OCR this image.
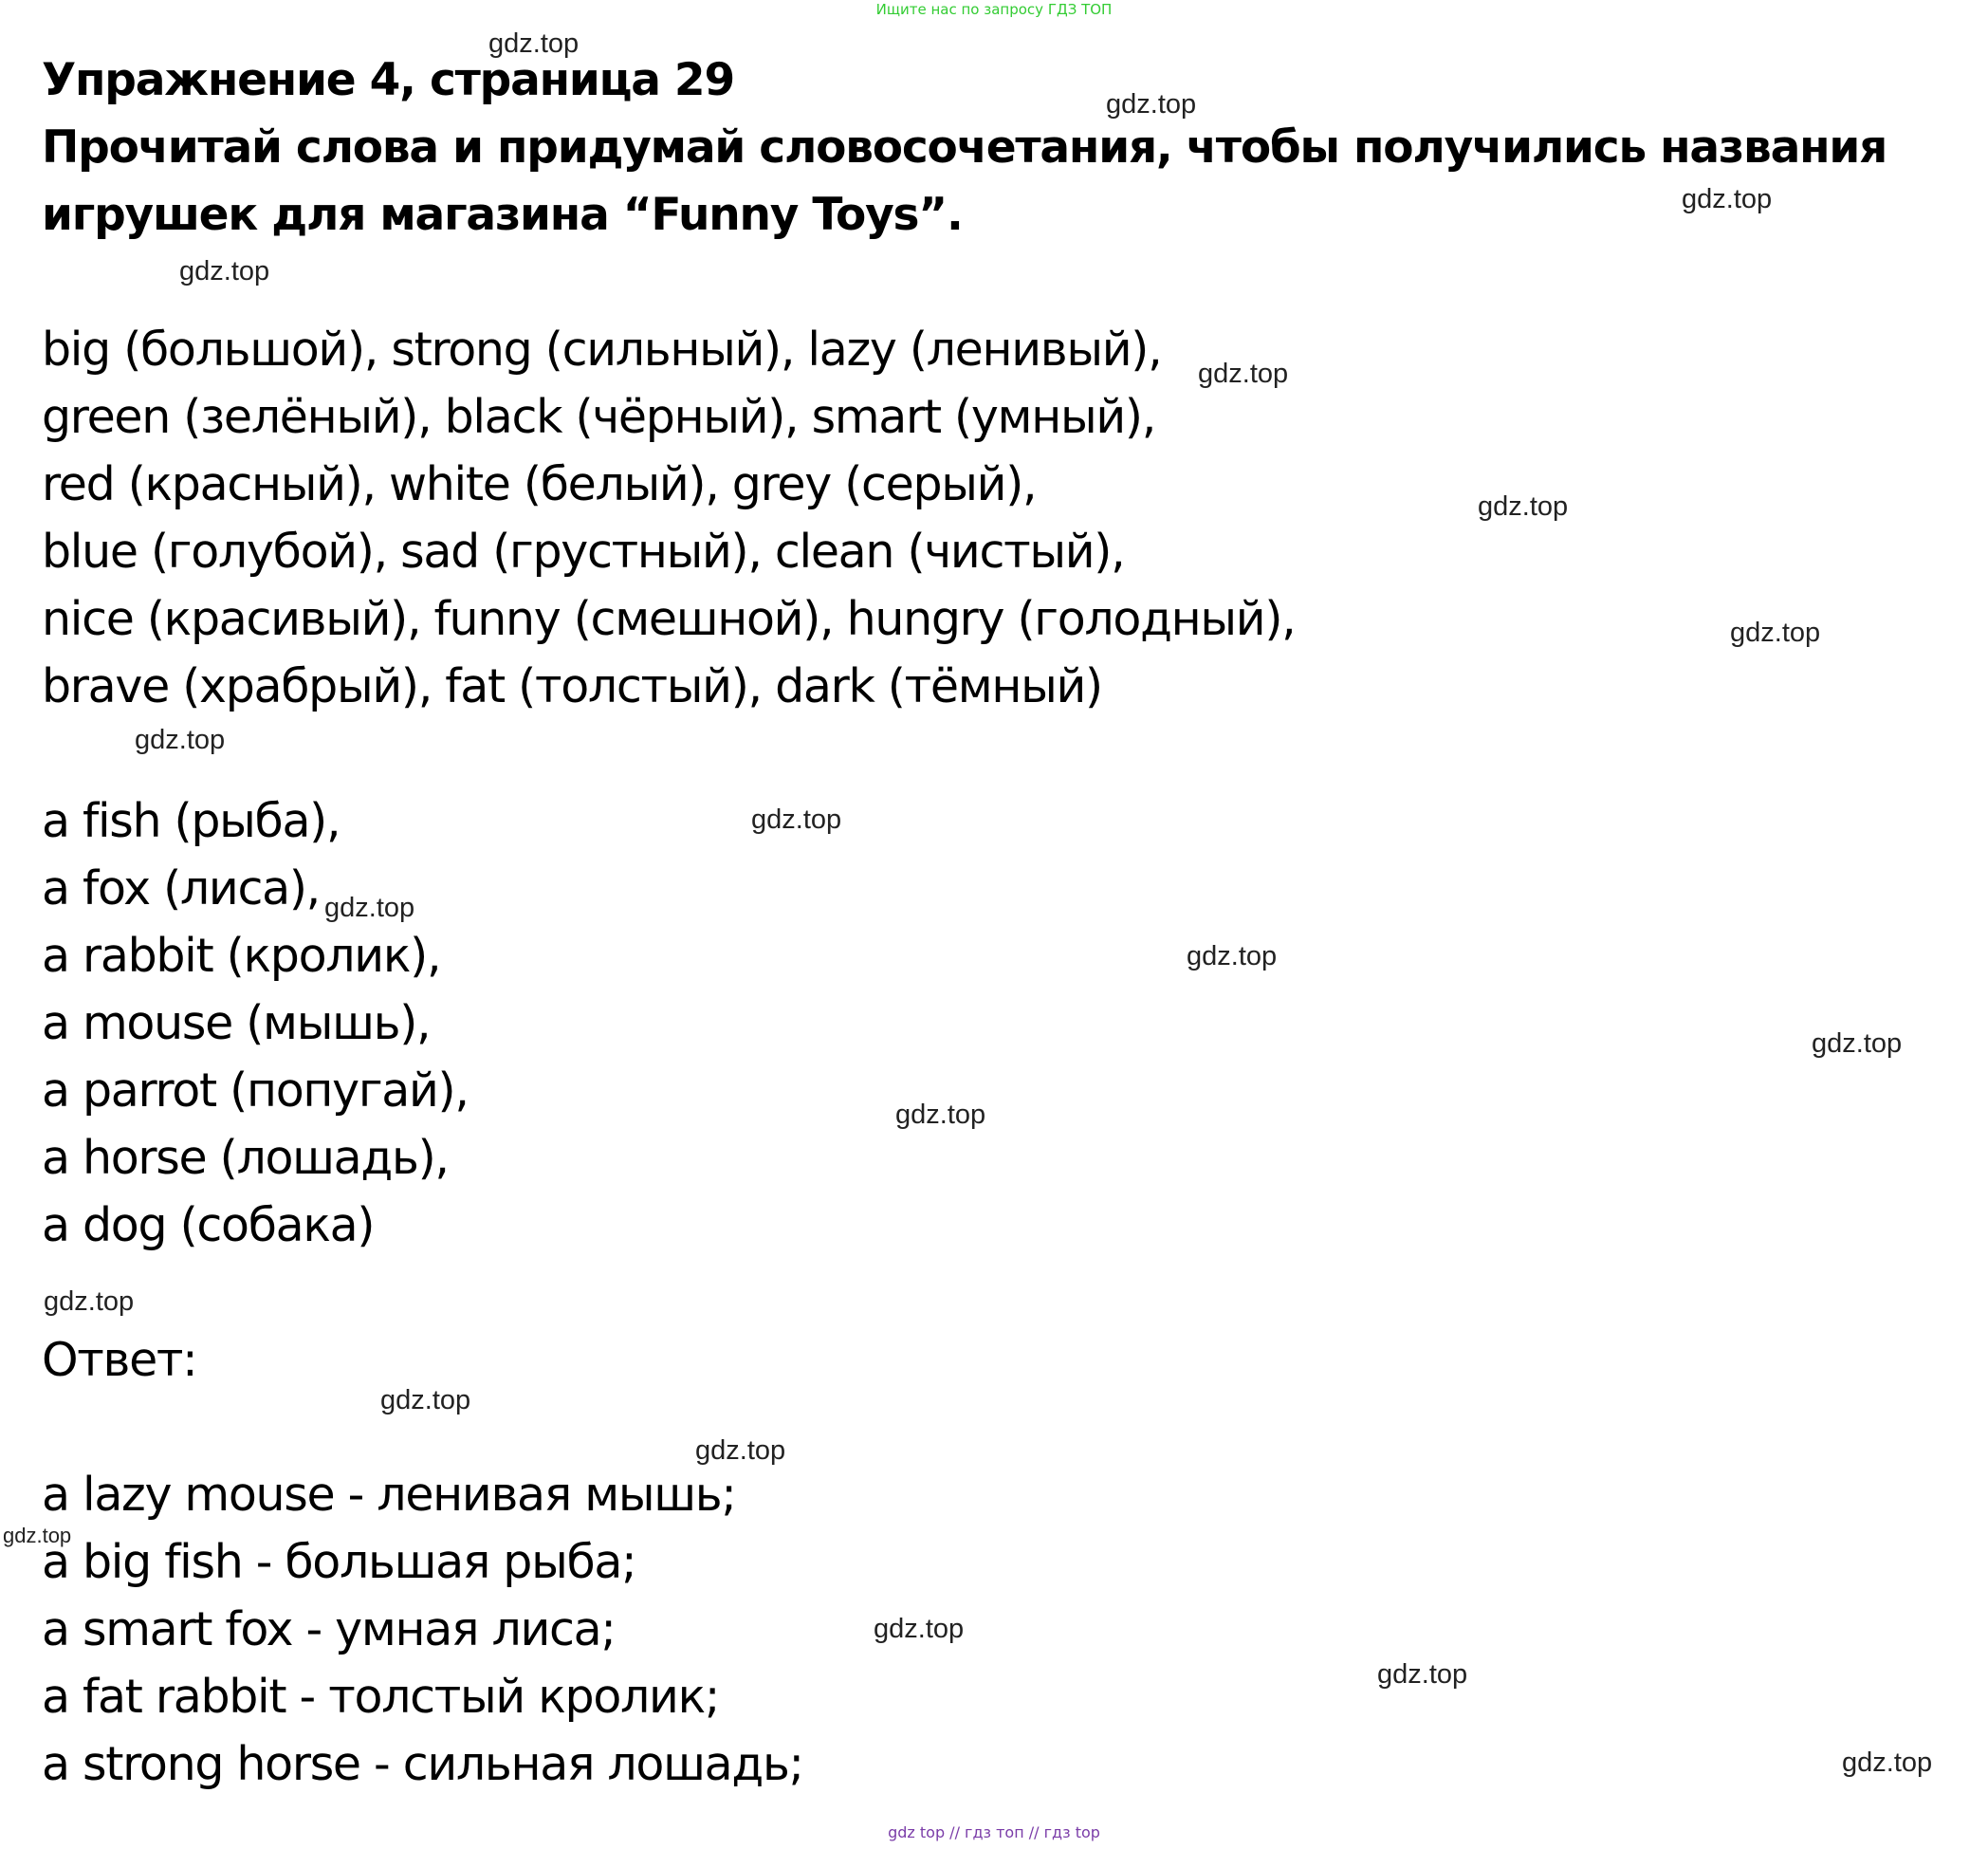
Ищите нас по запросу ГДЗ ТОП
Упражнение 4, страница 29
Прочитай слова и придумай словосочетания, чтобы получились названия
игрушек для магазина “Funny Toys”.
big (большой), strong (сильный), lazy (ленивый),
green (зелёный), black (чёрный), smart (умный),
red (красный), white (белый), grey (серый),
blue (голубой), sad (грустный), clean (чистый),
nice (красивый), funny (смешной), hungry (голодный),
brave (храбрый), fat (толстый), dark (тёмный)
a fish (рыба),
a fox (лиса),
a rabbit (кролик),
a mouse (мышь),
a parrot (попугай),
a horse (лошадь),
a dog (собака)
Ответ:
a lazy mouse - ленивая мышь;
a big fish - большая рыба;
a smart fox - умная лиса;
a fat rabbit - толстый кролик;
a strong horse - сильная лошадь;
gdz.top
gdz.top
gdz.top
gdz.top
gdz.top
gdz.top
gdz.top
gdz.top
gdz.top
gdz.top
gdz.top
gdz.top
gdz.top
gdz.top
gdz.top
gdz.top
gdz.top
gdz.top
gdz.top
gdz.top
gdz top // гдз топ // гдз top
